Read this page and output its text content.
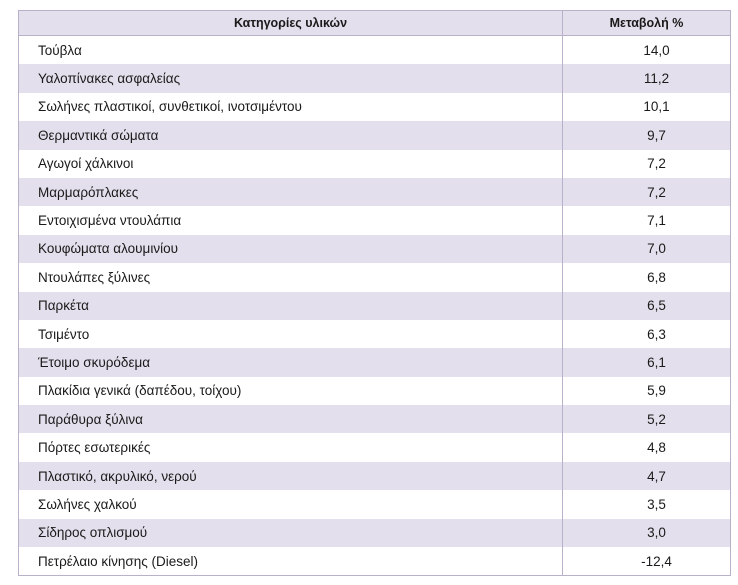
Κατηγορίες υλικών	Μεταβολή %
Τούβλα	14,0
Υαλοπίνακες ασφαλείας	11,2
Σωλήνες πλαστικοί, συνθετικοί, ινοτσιμέντου	10,1
Θερμαντικά σώματα	9,7
Αγωγοί χάλκινοι	7,2
Μαρμαρόπλακες	7,2
Εντοιχισμένα ντουλάπια	7,1
Κουφώματα αλουμινίου	7,0
Ντουλάπες ξύλινες	6,8
Παρκέτα	6,5
Τσιμέντο	6,3
Έτοιμο σκυρόδεμα	6,1
Πλακίδια γενικά (δαπέδου, τοίχου)	5,9
Παράθυρα ξύλινα	5,2
Πόρτες εσωτερικές	4,8
Πλαστικό, ακρυλικό, νερού	4,7
Σωλήνες χαλκού	3,5
Σίδηρος οπλισμού	3,0
Πετρέλαιο κίνησης (Diesel)	-12,4
